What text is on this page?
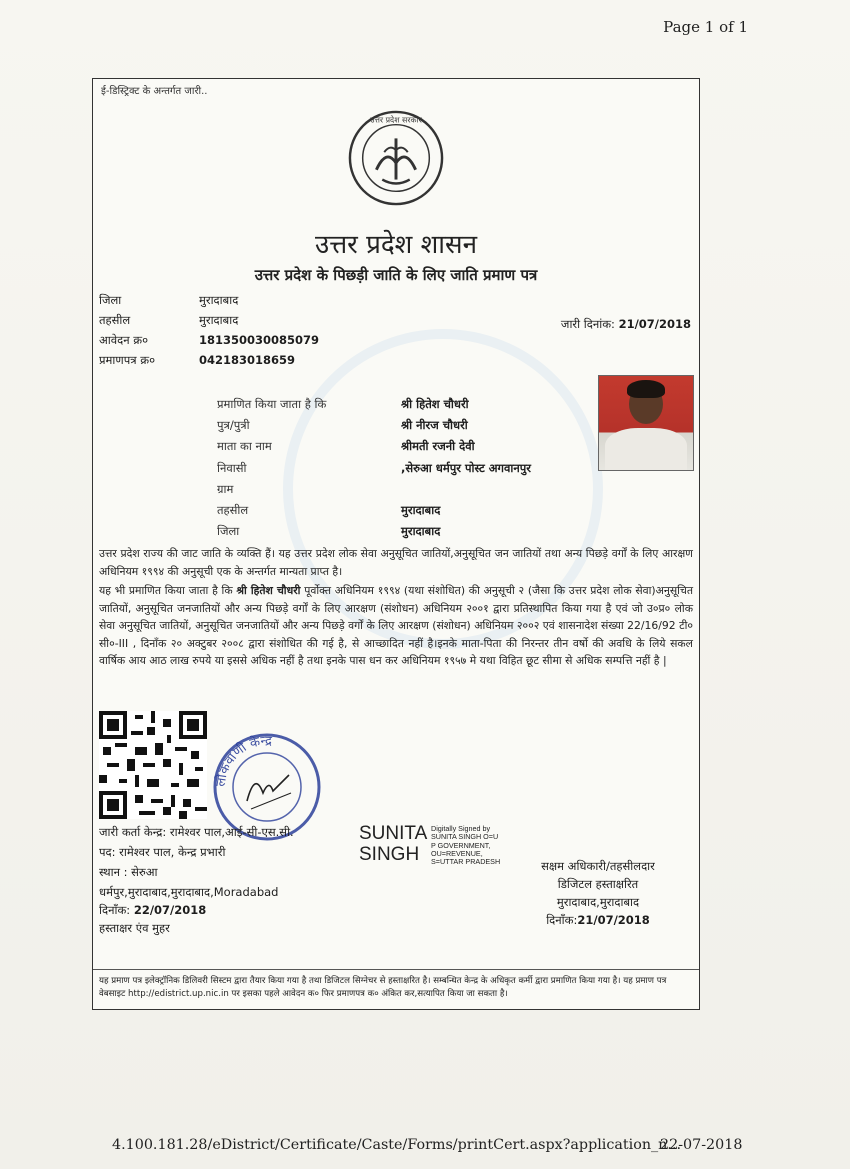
Page 1 of 1
ई-डिस्ट्रिक्ट के अन्तर्गत जारी..
उत्तर प्रदेश सरकार
उत्तर प्रदेश शासन
उत्तर प्रदेश के पिछड़ी जाति के लिए जाति प्रमाण पत्र
जिला	मुरादाबाद
तहसील	मुरादाबाद
आवेदन क्र०	181350030085079
प्रमाणपत्र क्र०	042183018659
जारी दिनांक: 21/07/2018
प्रमाणित किया जाता है कि	श्री हितेश चौधरी
पुत्र/पुत्री	श्री नीरज चौधरी
माता का नाम	श्रीमती रजनी देवी
निवासी	,सेरुआ धर्मपुर पोस्ट अगवानपुर
ग्राम
तहसील	मुरादाबाद
जिला	मुरादाबाद
उत्तर प्रदेश राज्य की जाट जाति के व्यक्ति हैं। यह उत्तर प्रदेश लोक सेवा अनुसूचित जातियों,अनुसूचित जन जातियों तथा अन्य पिछड़े वर्गों के लिए आरक्षण अधिनियम १९९४ की अनुसूची एक के अन्तर्गत मान्यता प्राप्त है।
यह भी प्रमाणित किया जाता है कि श्री हितेश चौधरी पूर्वोक्त अधिनियम १९९४ (यथा संशोधित) की अनुसूची २ (जैसा कि उत्तर प्रदेश लोक सेवा)अनुसूचित जातियों, अनुसूचित जनजातियों और अन्य पिछड़े वर्गों के लिए आरक्षण (संशोधन) अधिनियम २००१ द्वारा प्रतिस्थापित किया गया है एवं जो उ०प्र० लोक सेवा अनुसूचित जातियों, अनुसूचित जनजातियों और अन्य पिछड़े वर्गों के लिए आरक्षण (संशोधन) अधिनियम २००२ एवं शासनादेश संख्या 22/16/92 टी० सी०-III , दिनाँक २० अक्टुबर २००८ द्वारा संशोधित की गई है, से आच्छादित नहीं है।इनके माता-पिता की निरन्तर तीन वर्षो की अवधि के लिये सकल वार्षिक आय आठ लाख रुपये या इससे अधिक नहीं है तथा इनके पास धन कर अधिनियम १९५७ मे यथा विहित छूट सीमा से अधिक सम्पत्ति नहीं है |
लोकवाणी केन्द्र
जारी कर्ता केन्द्र: रामेश्वर पाल,आई-सी-एस.सी.
पद: रामेश्वर पाल, केन्द्र प्रभारी
स्थान : सेरुआ
धर्मपुर,मुरादाबाद,मुरादाबाद,Moradabad
दिनाँक: 22/07/2018
हस्ताक्षर एंव मुहर
SUNITA
SINGH
Digitally Signed by
SUNITA SINGH O=U
P GOVERNMENT,
OU=REVENUE,
S=UTTAR PRADESH	सक्षम अधिकारी/तहसीलदार
डिजिटल हस्ताक्षरित
मुरादाबाद,मुरादाबाद
दिनाँक:21/07/2018
यह प्रमाण पत्र इलेक्ट्रॉनिक डिलिवरी सिस्टम द्वारा तैयार किया गया है तथा डिजिटल सिग्नेचर से हस्ताक्षरित है। सम्बन्धित केन्द्र के अधिकृत कर्मी द्वारा प्रमाणित किया गया है। यह प्रमाण पत्र वेबसाइट http://edistrict.up.nic.in पर इसका पहले आवेदन क० फिर प्रमाणपत्र क० अंकित कर,सत्यापित किया जा सकता है।
4.100.181.28/eDistrict/Certificate/Caste/Forms/printCert.aspx?application_n...
22-07-2018
